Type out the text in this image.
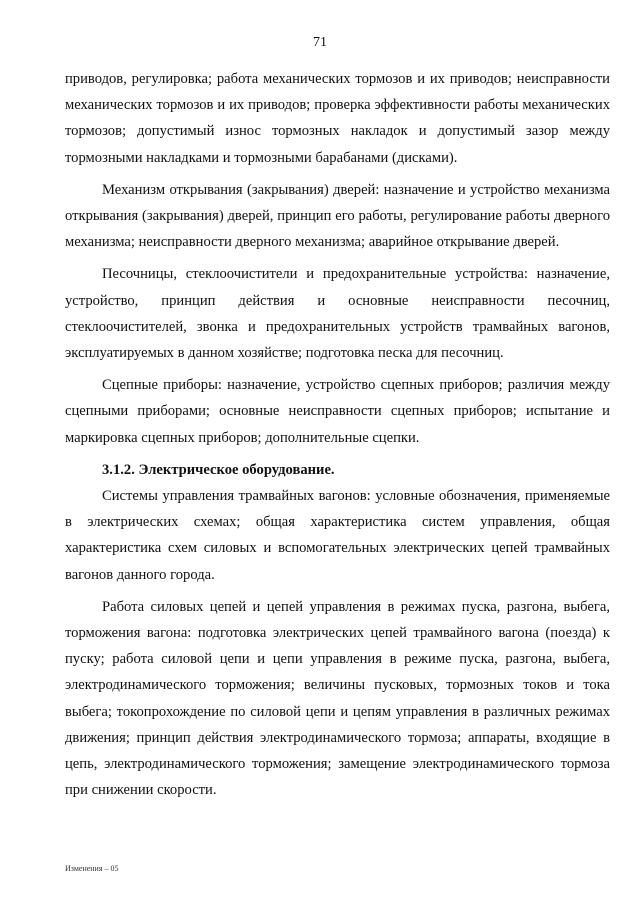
71

приводов, регулировка; работа механических тормозов и их приводов; неисправности механических тормозов и их приводов; проверка эффективности работы механических тормозов; допустимый износ тормозных накладок и допустимый зазор между тормозными накладками и тормозными барабанами (дисками).

Механизм открывания (закрывания) дверей: назначение и устройство механизма открывания (закрывания) дверей, принцип его работы, регулирование работы дверного механизма; неисправности дверного механизма; аварийное открывание дверей.

Песочницы, стеклоочистители и предохранительные устройства: назначение, устройство, принцип действия и основные неисправности песочниц, стеклоочистителей, звонка и предохранительных устройств трамвайных вагонов, эксплуатируемых в данном хозяйстве; подготовка песка для песочниц.

Сцепные приборы: назначение, устройство сцепных приборов; различия между сцепными приборами; основные неисправности сцепных приборов; испытание и маркировка сцепных приборов; дополнительные сцепки.

3.1.2. Электрическое оборудование.

Системы управления трамвайных вагонов: условные обозначения, применяемые в электрических схемах; общая характеристика систем управления, общая характеристика схем силовых и вспомогательных электрических цепей трамвайных вагонов данного города.

Работа силовых цепей и цепей управления в режимах пуска, разгона, выбега, торможения вагона: подготовка электрических цепей трамвайного вагона (поезда) к пуску; работа силовой цепи и цепи управления в режиме пуска, разгона, выбега, электродинамического торможения; величины пусковых, тормозных токов и тока выбега; токопрохождение по силовой цепи и цепям управления в различных режимах движения; принцип действия электродинамического тормоза; аппараты, входящие в цепь, электродинамического торможения; замещение электродинамического тормоза при снижении скорости.

Изменения – 05
